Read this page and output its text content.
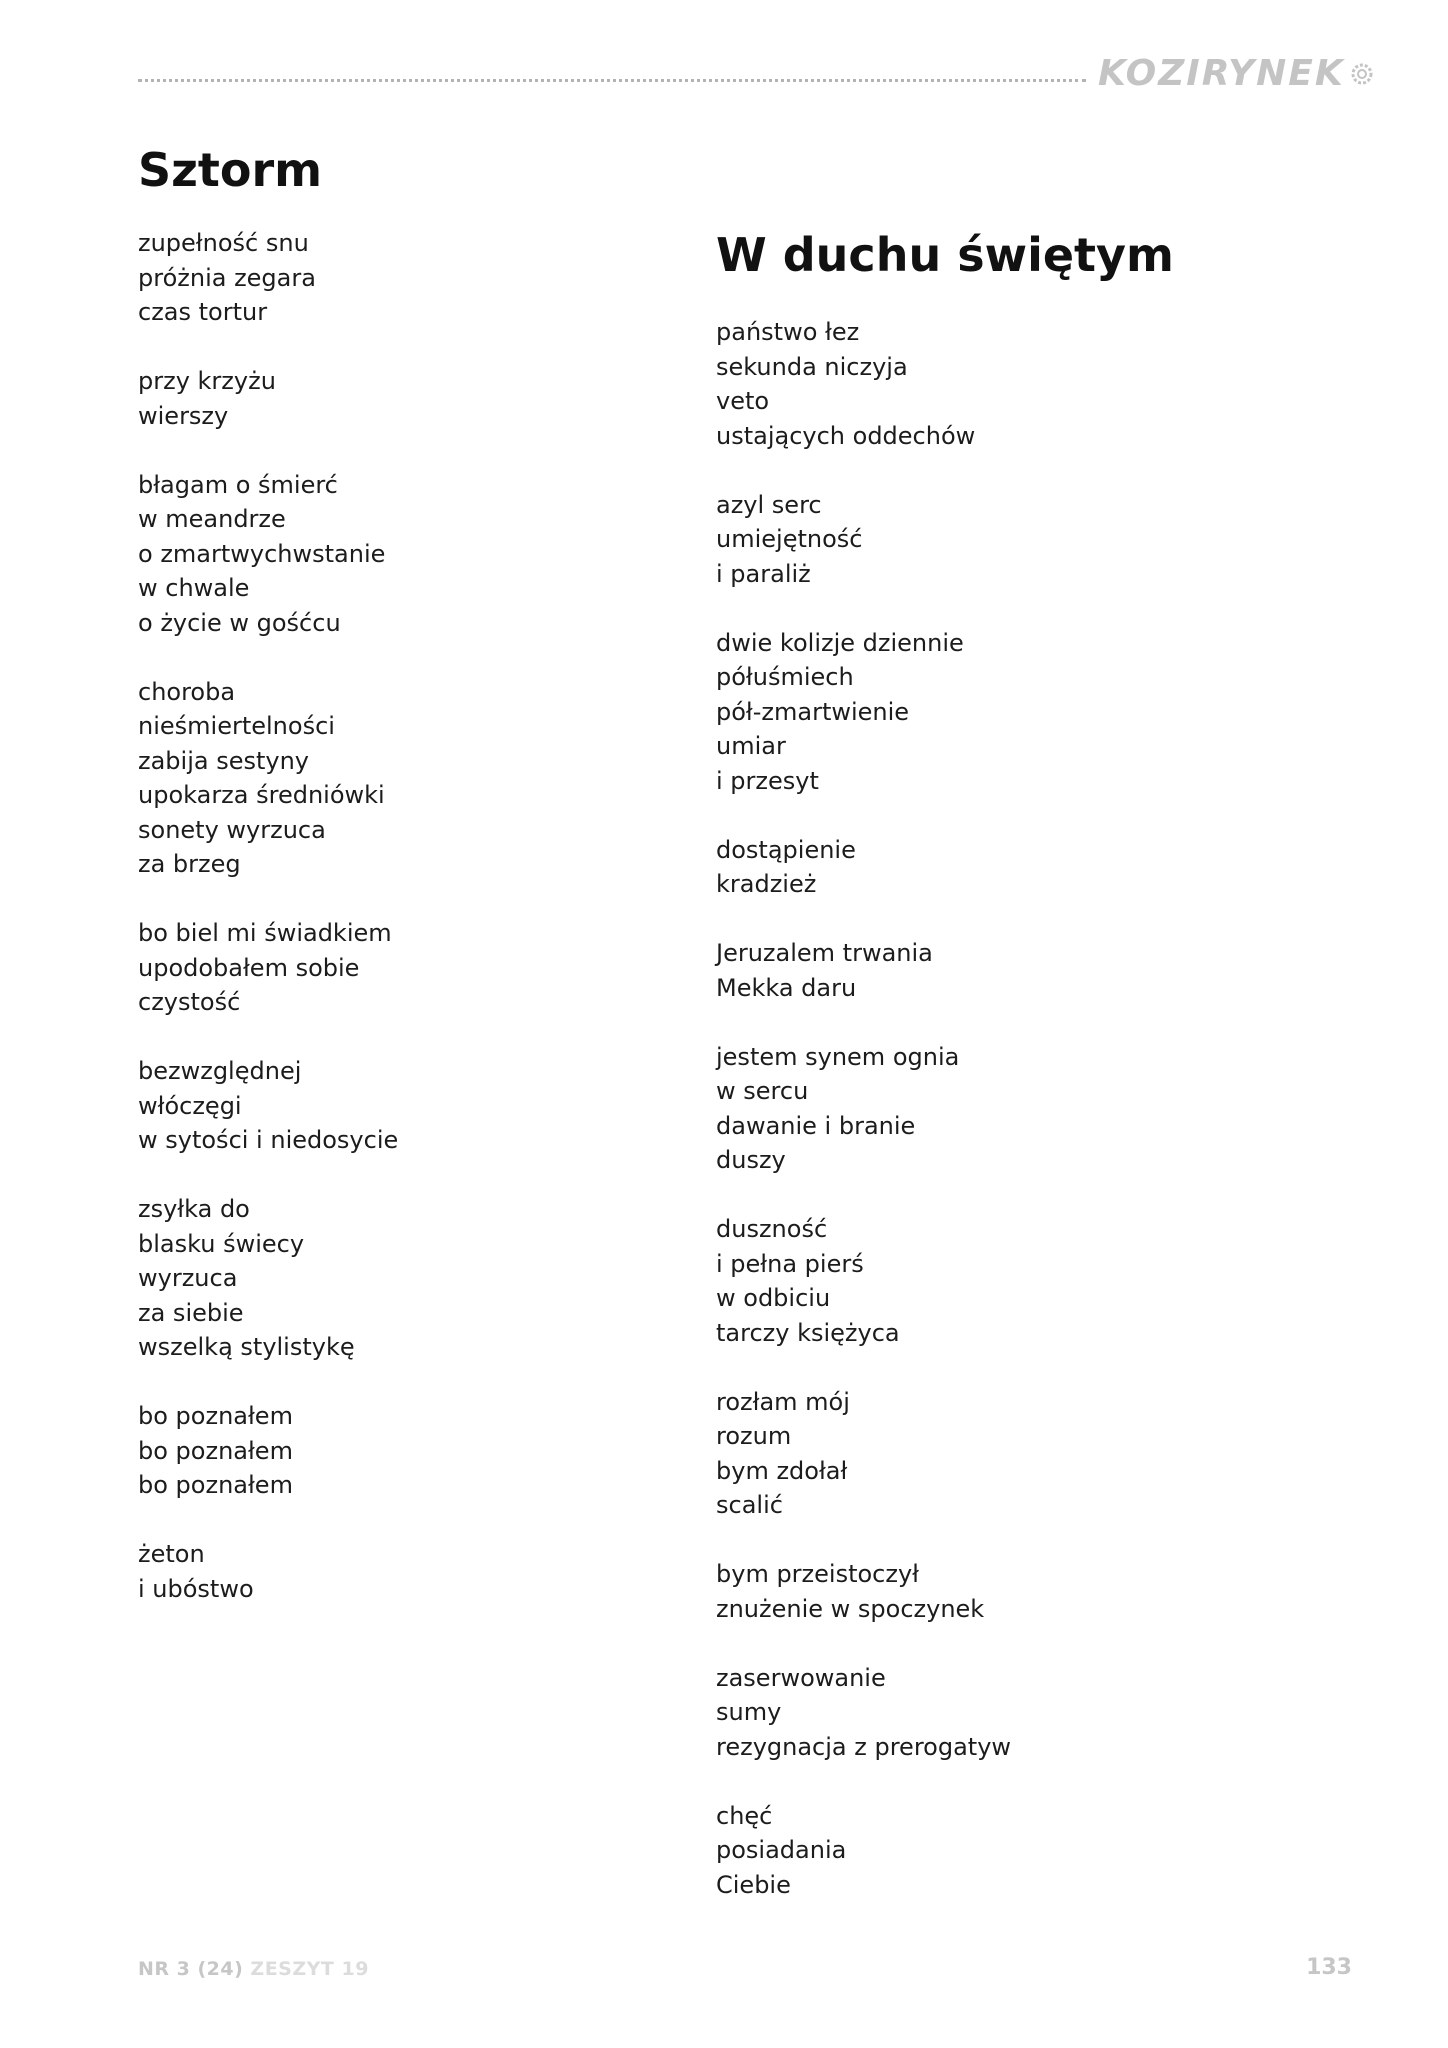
KOZIRYNEK
Sztorm
zupełność snu
próżnia zegara
czas tortur
przy krzyżu
wierszy
błagam o śmierć
w meandrze
o zmartwychwstanie
w chwale
o życie w gośćcu
choroba
nieśmiertelności
zabija sestyny
upokarza średniówki
sonety wyrzuca
za brzeg
bo biel mi świadkiem
upodobałem sobie
czystość
bezwzględnej
włóczęgi
w sytości i niedosycie
zsyłka do
blasku świecy
wyrzuca
za siebie
wszelką stylistykę
bo poznałem
bo poznałem
bo poznałem
żeton
i ubóstwo
W duchu świętym
państwo łez
sekunda niczyja
veto
ustających oddechów
azyl serc
umiejętność
i paraliż
dwie kolizje dziennie
półuśmiech
pół-zmartwienie
umiar
i przesyt
dostąpienie
kradzież
Jeruzalem trwania
Mekka daru
jestem synem ognia
w sercu
dawanie i branie
duszy
duszność
i pełna pierś
w odbiciu
tarczy księżyca
rozłam mój
rozum
bym zdołał
scalić
bym przeistoczył
znużenie w spoczynek
zaserwowanie
sumy
rezygnacja z prerogatyw
chęć
posiadania
Ciebie
NR 3 (24) ZESZYT 19	133
